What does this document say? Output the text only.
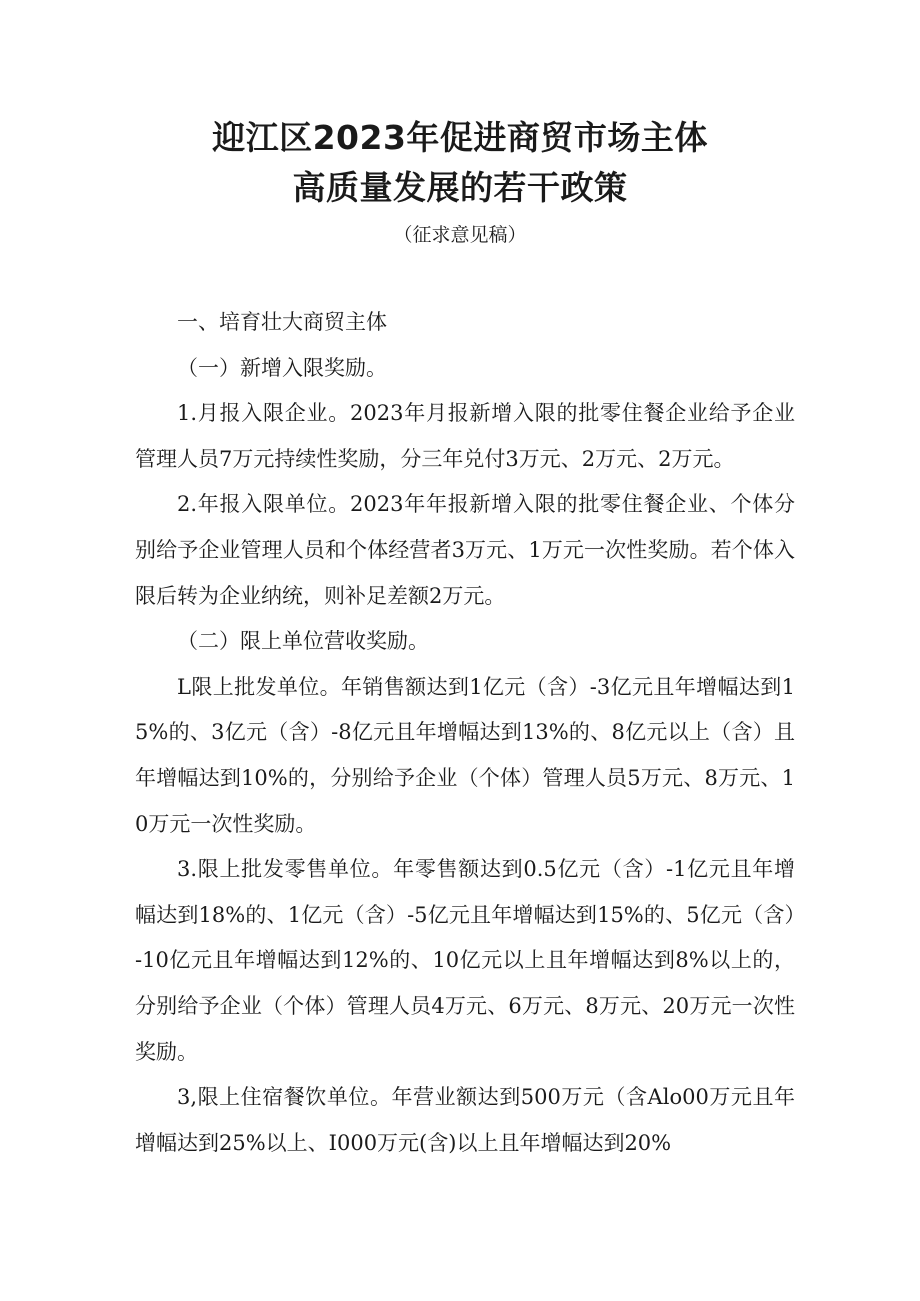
迎江区2023年促进商贸市场主体
高质量发展的若干政策
（征求意见稿）

一、培育壮大商贸主体

（一）新增入限奖励。

1.月报入限企业。2023年月报新增入限的批零住餐企业给予企业管理人员7万元持续性奖励，分三年兑付3万元、2万元、2万元。

2.年报入限单位。2023年年报新增入限的批零住餐企业、个体分别给予企业管理人员和个体经营者3万元、1万元一次性奖励。若个体入限后转为企业纳统，则补足差额2万元。

（二）限上单位营收奖励。

L限上批发单位。年销售额达到1亿元（含）-3亿元且年增幅达到15%的、3亿元（含）-8亿元且年增幅达到13%的、8亿元以上（含）且年增幅达到10%的，分别给予企业（个体）管理人员5万元、8万元、10万元一次性奖励。

3.限上批发零售单位。年零售额达到0.5亿元（含）-1亿元且年增幅达到18%的、1亿元（含）-5亿元且年增幅达到15%的、5亿元（含）-10亿元且年增幅达到12%的、10亿元以上且年增幅达到8%以上的，分别给予企业（个体）管理人员4万元、6万元、8万元、20万元一次性奖励。

3,限上住宿餐饮单位。年营业额达到500万元（含Alo00万元且年增幅达到25%以上、I000万元(含)以上且年增幅达到20%
